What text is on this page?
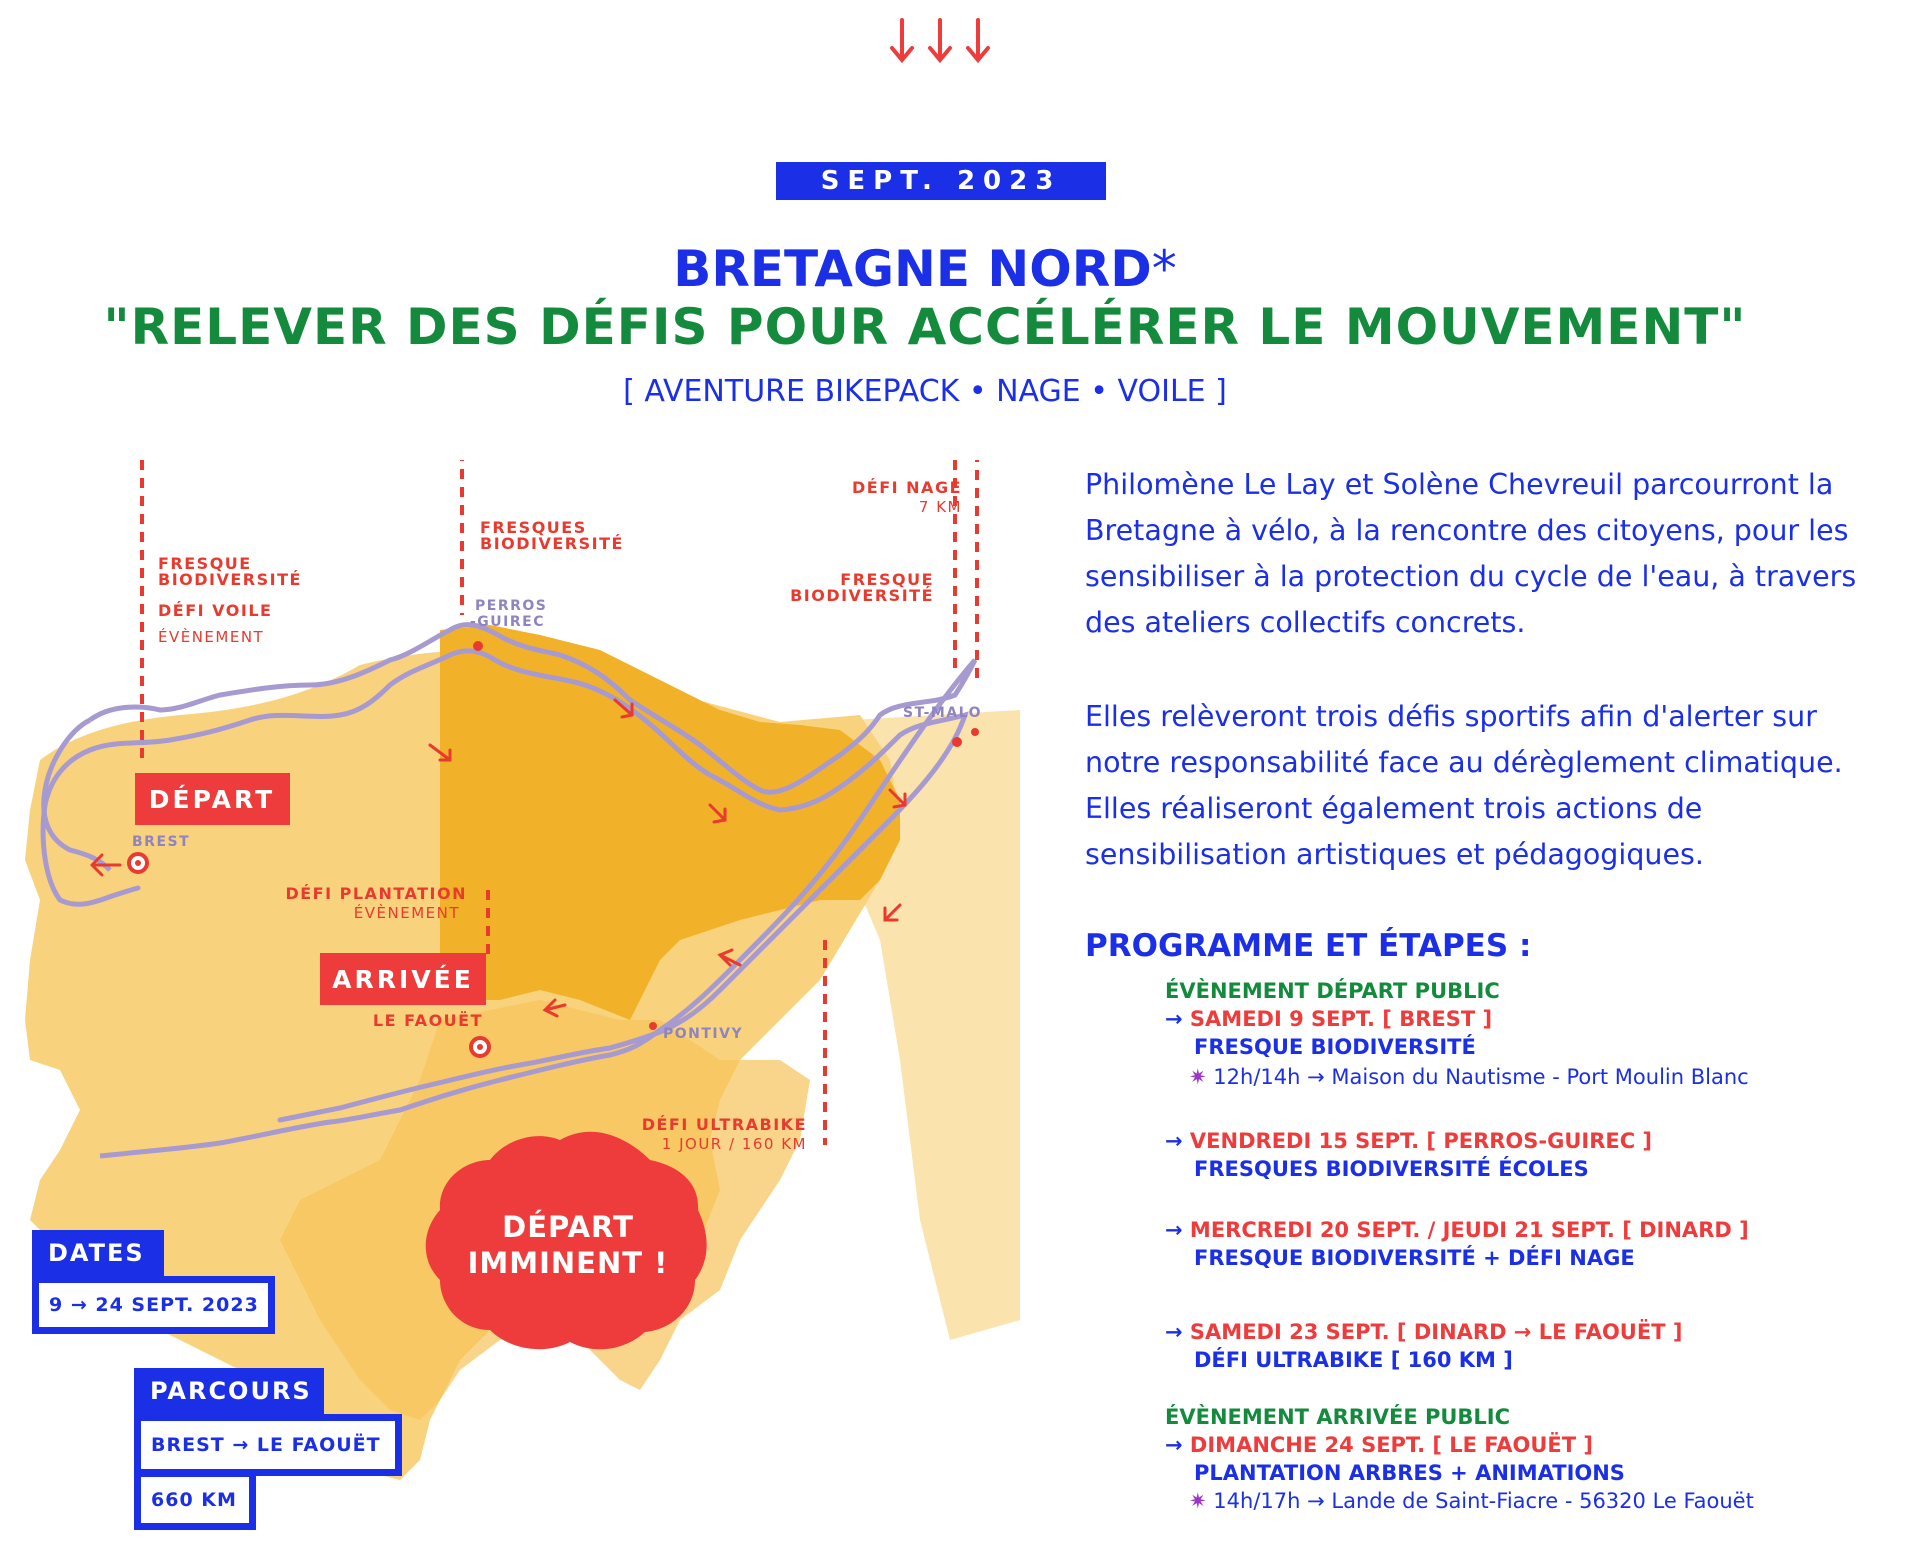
SEPT. 2023
BRETAGNE NORD*
"RELEVER DES DÉFIS POUR ACCÉLÉRER LE MOUVEMENT"
[ AVENTURE BIKEPACK • NAGE • VOILE ]
FRESQUE
BIODIVERSITÉ
DÉFI VOILE
FRESQUES
BIODIVERSITÉ
DÉFI NAGE
FRESQUE
BIODIVERSITÉ
DÉFI PLANTATION
LE FAOUËT
DÉFI ULTRABIKE
ÉVÈNEMENT
7 KM
ÉVÈNEMENT
1 JOUR / 160 KM
PERROS
-GUIREC
ST-MALO
BREST
PONTIVY
DÉPART
ARRIVÉE
DÉPART
IMMINENT !
DATES
9 → 24 SEPT. 2023
PARCOURS
BREST → LE FAOUËT
660 KM
Philomène Le Lay et Solène Chevreuil parcourront la Bretagne à vélo, à la rencontre des citoyens, pour les sensibiliser à la protection du cycle de l'eau, à travers des ateliers collectifs concrets.
Elles relèveront trois défis sportifs afin d'alerter sur notre responsabilité face au dérèglement climatique. Elles réaliseront également trois actions de sensibilisation artistiques et pédagogiques.
PROGRAMME ET ÉTAPES :
ÉVÈNEMENT DÉPART PUBLIC
→ SAMEDI 9 SEPT. [ BREST ]
FRESQUE BIODIVERSITÉ
✷ 12h/14h → Maison du Nautisme - Port Moulin Blanc
→ VENDREDI 15 SEPT. [ PERROS-GUIREC ]
FRESQUES BIODIVERSITÉ ÉCOLES
→ MERCREDI 20 SEPT. / JEUDI 21 SEPT. [ DINARD ]
FRESQUE BIODIVERSITÉ + DÉFI NAGE
→ SAMEDI 23 SEPT. [ DINARD → LE FAOUËT ]
DÉFI ULTRABIKE [ 160 KM ]
ÉVÈNEMENT ARRIVÉE PUBLIC
→ DIMANCHE 24 SEPT. [ LE FAOUËT ]
PLANTATION ARBRES + ANIMATIONS
✷ 14h/17h → Lande de Saint-Fiacre - 56320 Le Faouët
